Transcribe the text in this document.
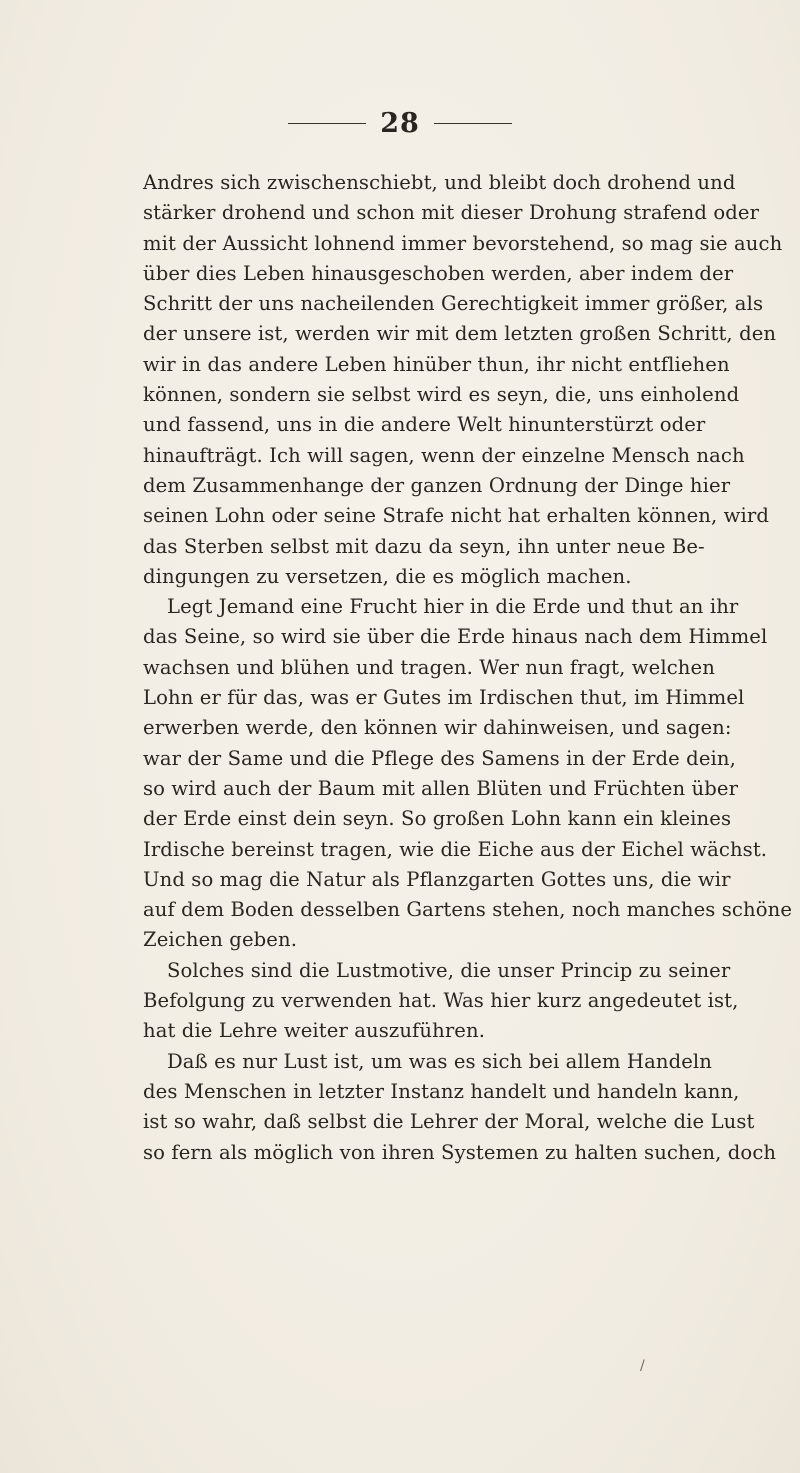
28
Andres sich zwischenschiebt, und bleibt doch drohend und
stärker drohend und schon mit dieser Drohung strafend oder
mit der Aussicht lohnend immer bevorstehend, so mag sie auch
über dies Leben hinausgeschoben werden, aber indem der
Schritt der uns nacheilenden Gerechtigkeit immer größer, als
der unsere ist, werden wir mit dem letzten großen Schritt, den
wir in das andere Leben hinüber thun, ihr nicht entfliehen
können, sondern sie selbst wird es seyn, die, uns einholend
und fassend, uns in die andere Welt hinunterstürzt oder
hinaufträgt. Ich will sagen, wenn der einzelne Mensch nach
dem Zusammenhange der ganzen Ordnung der Dinge hier
seinen Lohn oder seine Strafe nicht hat erhalten können, wird
das Sterben selbst mit dazu da seyn, ihn unter neue Be-
dingungen zu versetzen, die es möglich machen.
Legt Jemand eine Frucht hier in die Erde und thut an ihr
das Seine, so wird sie über die Erde hinaus nach dem Himmel
wachsen und blühen und tragen. Wer nun fragt, welchen
Lohn er für das, was er Gutes im Irdischen thut, im Himmel
erwerben werde, den können wir dahinweisen, und sagen:
war der Same und die Pflege des Samens in der Erde dein,
so wird auch der Baum mit allen Blüten und Früchten über
der Erde einst dein seyn. So großen Lohn kann ein kleines
Irdische bereinst tragen, wie die Eiche aus der Eichel wächst.
Und so mag die Natur als Pflanzgarten Gottes uns, die wir
auf dem Boden desselben Gartens stehen, noch manches schöne
Zeichen geben.
Solches sind die Lustmotive, die unser Princip zu seiner
Befolgung zu verwenden hat. Was hier kurz angedeutet ist,
hat die Lehre weiter auszuführen.
Daß es nur Lust ist, um was es sich bei allem Handeln
des Menschen in letzter Instanz handelt und handeln kann,
ist so wahr, daß selbst die Lehrer der Moral, welche die Lust
so fern als möglich von ihren Systemen zu halten suchen, doch
/
